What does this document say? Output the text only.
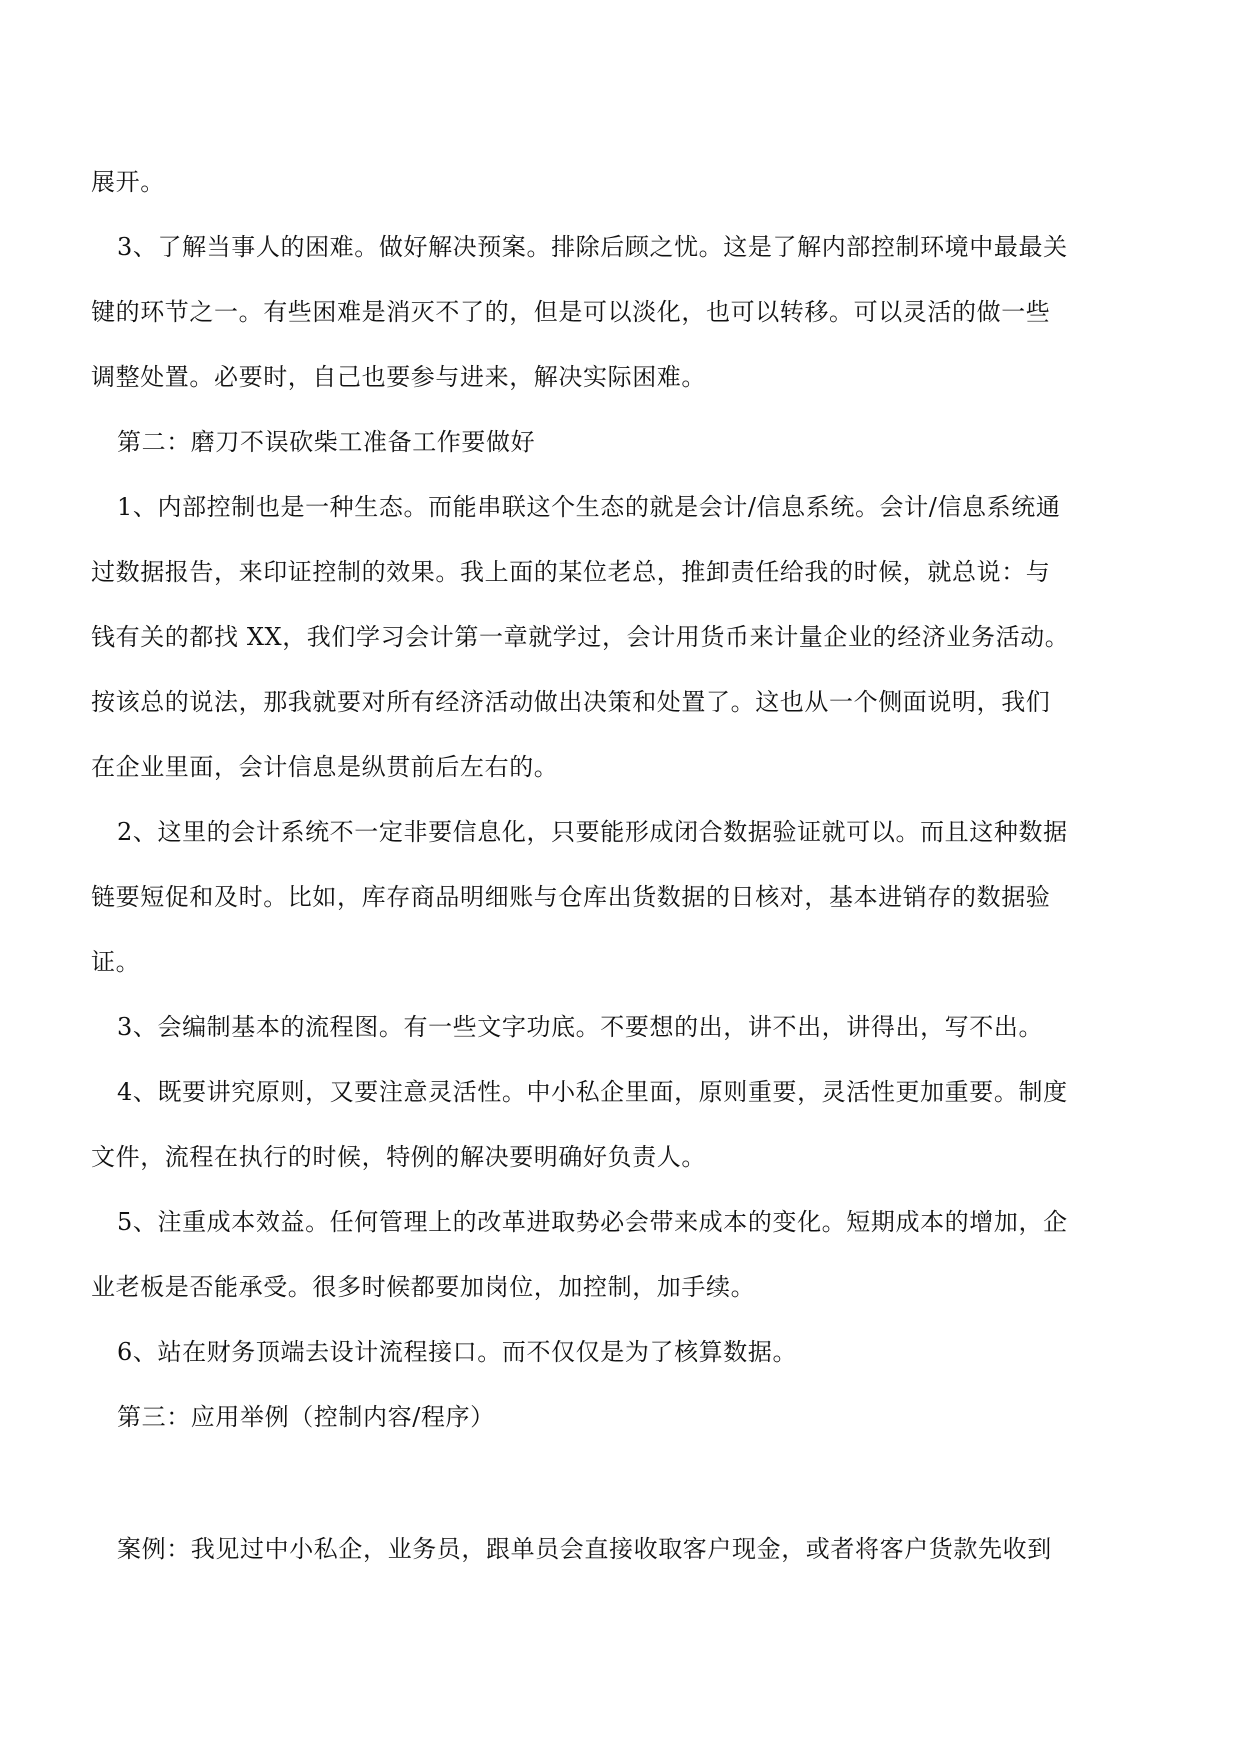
展开。

3、了解当事人的困难。做好解决预案。排除后顾之忧。这是了解内部控制环境中最最关
键的环节之一。有些困难是消灭不了的，但是可以淡化，也可以转移。可以灵活的做一些
调整处置。必要时，自己也要参与进来，解决实际困难。

第二：磨刀不误砍柴工准备工作要做好

1、内部控制也是一种生态。而能串联这个生态的就是会计/信息系统。会计/信息系统通
过数据报告，来印证控制的效果。我上面的某位老总，推卸责任给我的时候，就总说：与
钱有关的都找 XX，我们学习会计第一章就学过，会计用货币来计量企业的经济业务活动。
按该总的说法，那我就要对所有经济活动做出决策和处置了。这也从一个侧面说明，我们
在企业里面，会计信息是纵贯前后左右的。

2、这里的会计系统不一定非要信息化，只要能形成闭合数据验证就可以。而且这种数据
链要短促和及时。比如，库存商品明细账与仓库出货数据的日核对，基本进销存的数据验
证。

3、会编制基本的流程图。有一些文字功底。不要想的出，讲不出，讲得出，写不出。

4、既要讲究原则，又要注意灵活性。中小私企里面，原则重要，灵活性更加重要。制度
文件，流程在执行的时候，特例的解决要明确好负责人。

5、注重成本效益。任何管理上的改革进取势必会带来成本的变化。短期成本的增加，企
业老板是否能承受。很多时候都要加岗位，加控制，加手续。

6、站在财务顶端去设计流程接口。而不仅仅是为了核算数据。

第三：应用举例（控制内容/程序）

案例：我见过中小私企，业务员，跟单员会直接收取客户现金，或者将客户货款先收到
